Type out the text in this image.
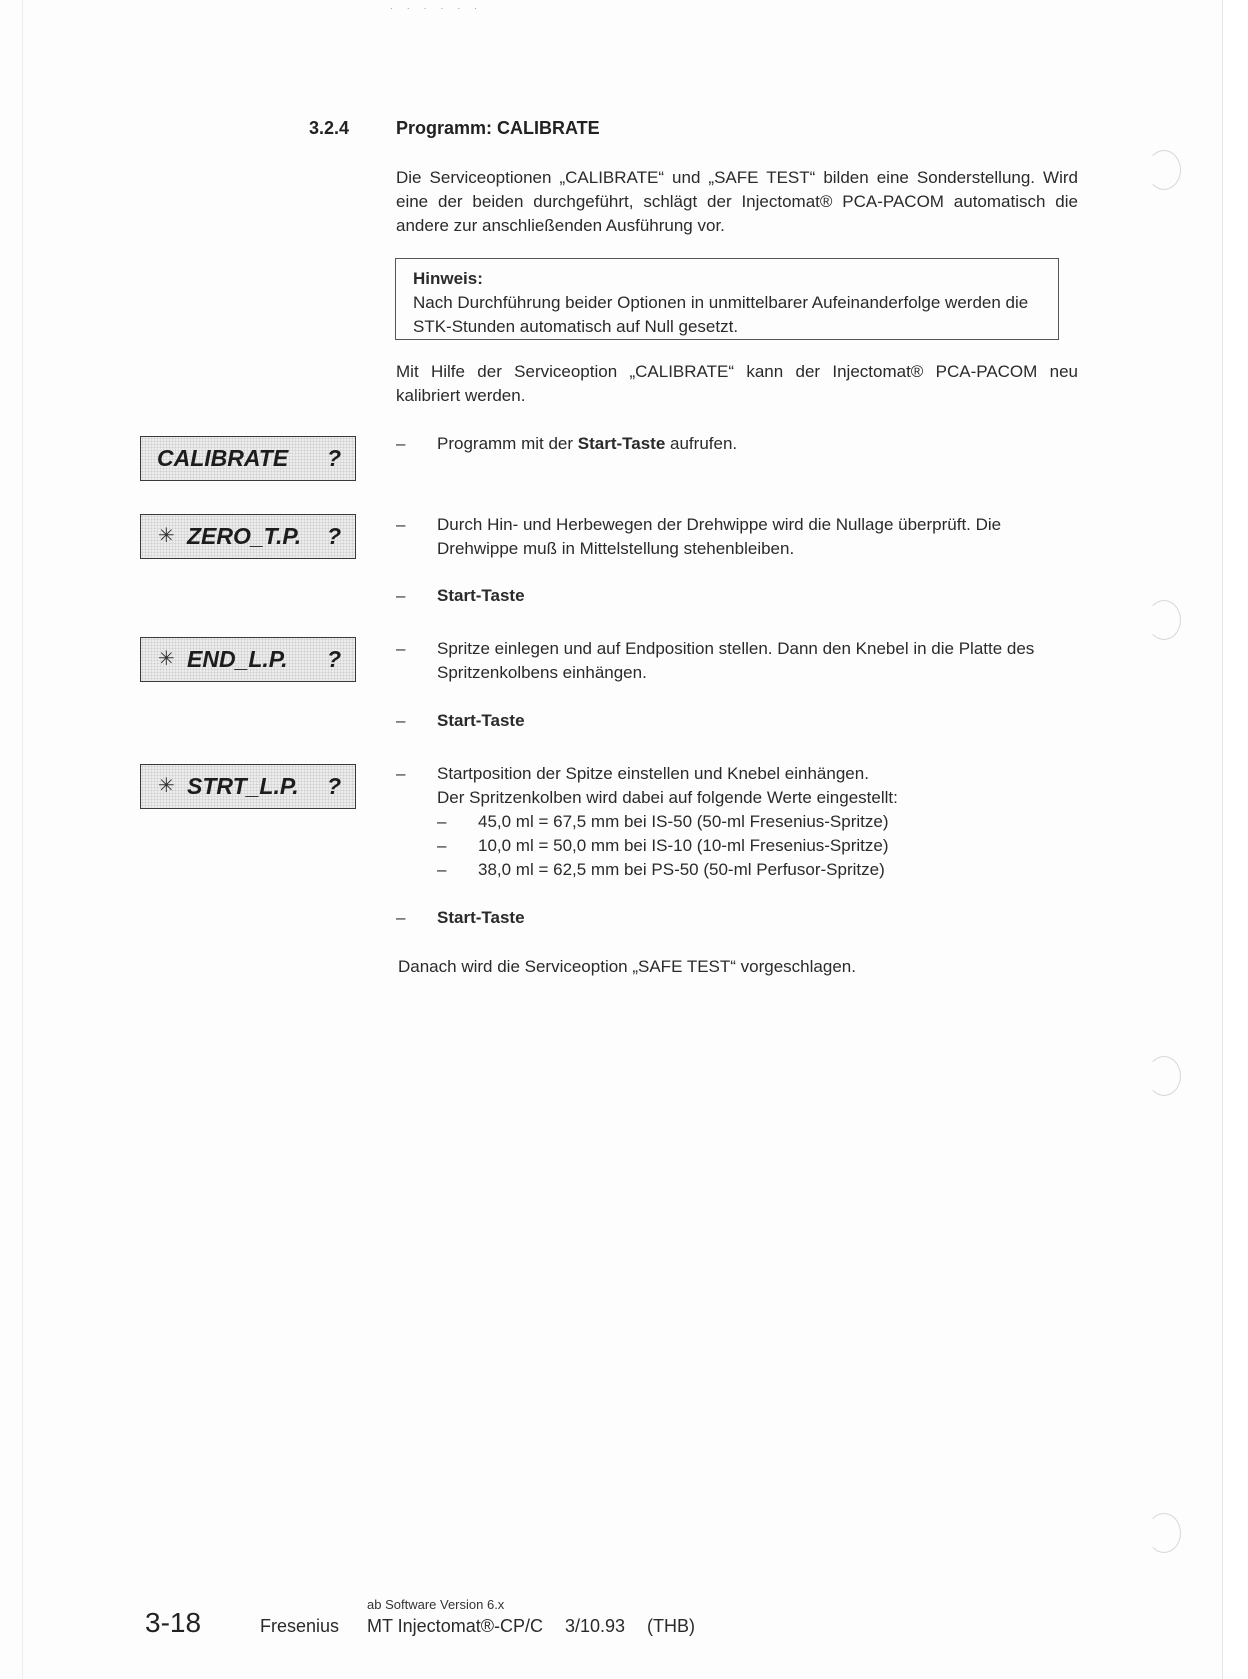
· · · · · ·
3.2.4	Programm: CALIBRATE

Die Serviceoptionen „CALIBRATE“ und „SAFE TEST“ bilden eine Sonderstellung. Wird eine der beiden durchgeführt, schlägt der Injectomat® PCA-PACOM automatisch die andere zur anschließenden Ausführung vor.

Hinweis:
Nach Durchführung beider Optionen in unmittelbarer Aufeinanderfolge werden die STK-Stunden automatisch auf Null gesetzt.

Mit Hilfe der Serviceoption „CALIBRATE“ kann der Injectomat® PCA-PACOM neu kalibriert werden.

CALIBRATE ?
✳ ZERO_T.P. ?
✳ END_L.P. ?
✳ STRT_L.P. ?
– Programm mit der Start-Taste aufrufen.
– Durch Hin- und Herbewegen der Drehwippe wird die Nullage überprüft. Die Drehwippe muß in Mittelstellung stehenbleiben.
– Start-Taste
– Spritze einlegen und auf Endposition stellen. Dann den Knebel in die Platte des Spritzenkolbens einhängen.
– Start-Taste
– Startposition der Spitze einstellen und Knebel einhängen.
Der Spritzenkolben wird dabei auf folgende Werte eingestellt:
– 45,0 ml = 67,5 mm bei IS-50 (50-ml Fresenius-Spritze)
– 10,0 ml = 50,0 mm bei IS-10 (10-ml Fresenius-Spritze)
– 38,0 ml = 62,5 mm bei PS-50 (50-ml Perfusor-Spritze)
– Start-Taste

Danach wird die Serviceoption „SAFE TEST“ vorgeschlagen.

3-18	Fresenius
ab Software Version 6.x
MT Injectomat®-CP/C 3/10.93 (THB)
